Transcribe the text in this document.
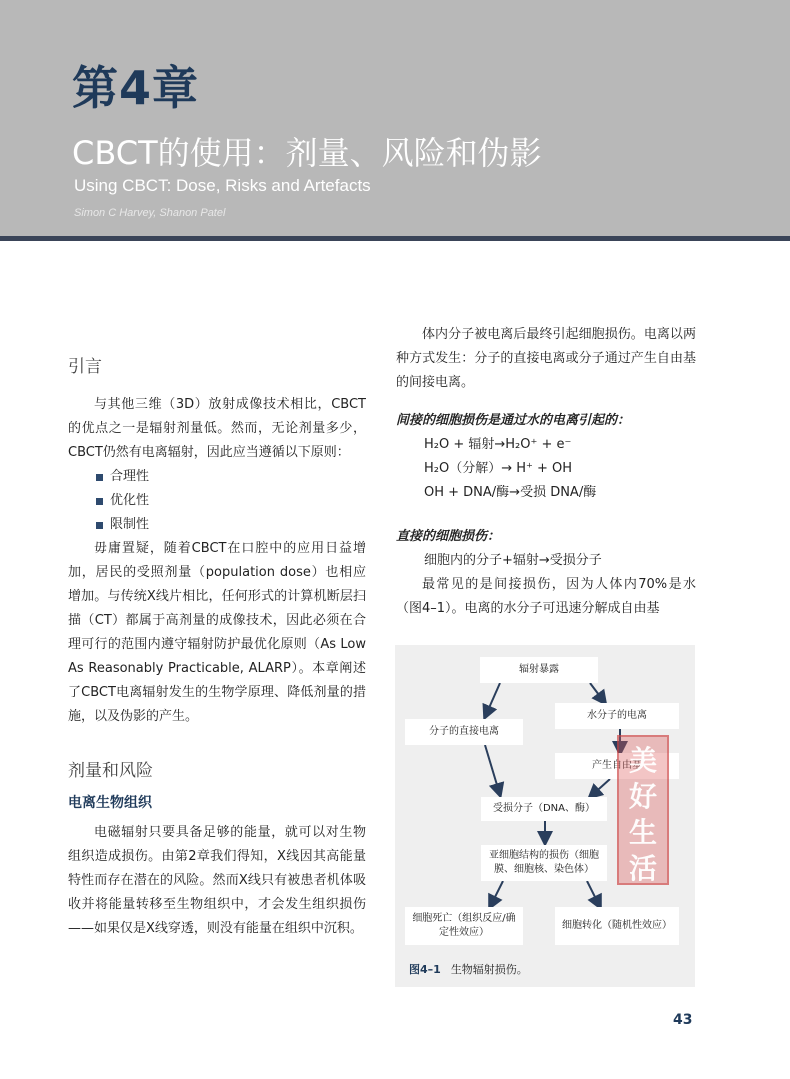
第4章
CBCT的使用：剂量、风险和伪影
Using CBCT: Dose, Risks and Artefacts
Simon C Harvey, Shanon Patel
引言

与其他三维（3D）放射成像技术相比，CBCT的优点之一是辐射剂量低。然而，无论剂量多少，CBCT仍然有电离辐射，因此应当遵循以下原则：

合理性
优化性
限制性

毋庸置疑，随着CBCT在口腔中的应用日益增加，居民的受照剂量（population dose）也相应增加。与传统X线片相比，任何形式的计算机断层扫描（CT）都属于高剂量的成像技术，因此必须在合理可行的范围内遵守辐射防护最优化原则（As Low As Reasonably Practicable, ALARP）。本章阐述了CBCT电离辐射发生的生物学原理、降低剂量的措施，以及伪影的产生。

剂量和风险
电离生物组织

电磁辐射只要具备足够的能量，就可以对生物组织造成损伤。由第2章我们得知，X线因其高能量特性而存在潜在的风险。然而X线只有被患者机体吸收并将能量转移至生物组织中，才会发生组织损伤——如果仅是X线穿透，则没有能量在组织中沉积。

体内分子被电离后最终引起细胞损伤。电离以两种方式发生：分子的直接电离或分子通过产生自由基的间接电离。

间接的细胞损伤是通过水的电离引起的：

H₂O + 辐射→H₂O⁺ + e⁻
H₂O（分解）→ H⁺ + OH
OH + DNA/酶→受损 DNA/酶

直接的细胞损伤：

细胞内的分子+辐射→受损分子

最常见的是间接损伤，因为人体内70%是水（图4–1）。电离的水分子可迅速分解成自由基

辐射暴露
分子的直接电离
水分子的电离
产生自由基
受损分子（DNA、酶）
亚细胞结构的损伤（细胞膜、细胞核、染色体）
细胞死亡（组织反应/确定性效应）
细胞转化（随机性效应）
美
好
生
活
图4–1 生物辐射损伤。
43
